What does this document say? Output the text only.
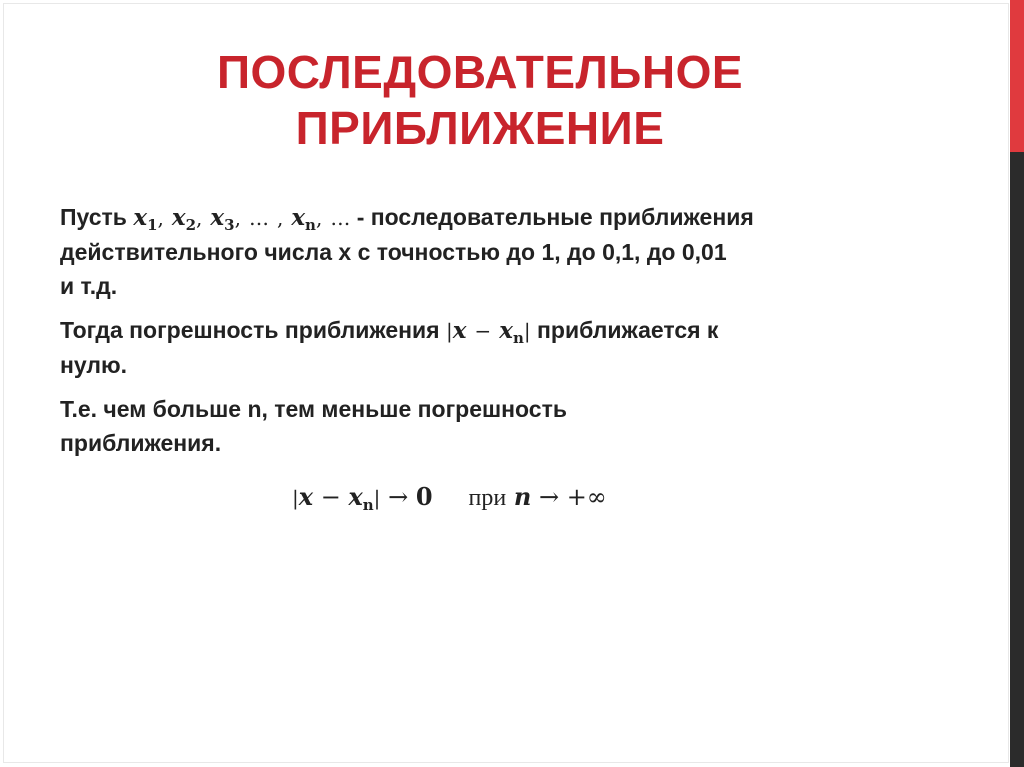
ПОСЛЕДОВАТЕЛЬНОЕ
ПРИБЛИЖЕНИЕ
Пусть $x_1$, $x_2$, $x_3$, … , $x_n$, … - последовательные приближения
действительного числа х с точностью до 1, до 0,1, до 0,01
и т.д.
Тогда погрешность приближения $|x - x_n|$ приближается к
нулю.
Т.е. чем больше n, тем меньше погрешность
приближения.
$|x - x_n| \to 0$ при n → +∞
